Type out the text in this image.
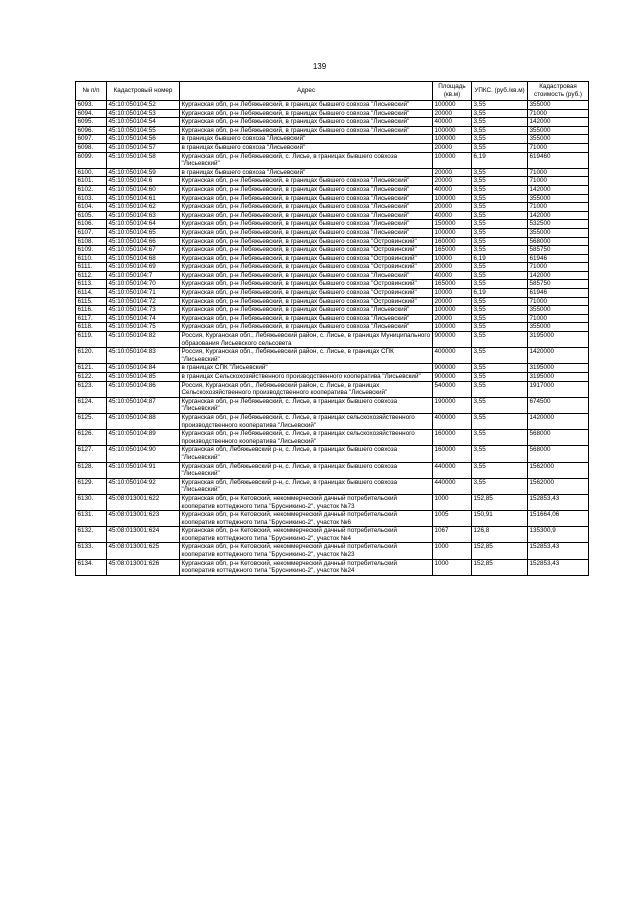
139
№ п/п	Кадастровый номер	Адрес	Площадь (кв.м)	УПКС. (руб./кв.м)	Кадастровая стоимость (руб.)
6093.	45:10:050104:52	Курганская обл, р-н Лебяжьевский, в границах бывшего совхоза "Лисьевский"	100000	3,55	355000
6094.	45:10:050104:53	Курганская обл, р-н Лебяжьевский, в границах бывшего совхоза "Лисьевский"	20000	3,55	71000
6095.	45:10:050104:54	Курганская обл, р-н Лебяжьевский, в границах бывшего совхоза "Лисьевский"	40000	3,55	142000
6096.	45:10:050104:55	Курганская обл, р-н Лебяжьевский, в границах бывшего совхоза "Лисьевский"	100000	3,55	355000
6097.	45:10:050104:56	в границах бывшего совхоза "Лисьевский"	100000	3,55	355000
6098.	45:10:050104:57	в границах бывшего совхоза "Лисьевский"	20000	3,55	71000
6099.	45:10:050104:58	Курганская обл, р-н Лебяжьевский, с. Лисье, в границах бывшего совхоза "Лисьевский"	100000	6,19	619460
6100.	45:10:050104:59	в границах бывшего совхоза "Лисьевский"	20000	3,55	71000
6101.	45:10:050104:6	Курганская обл, р-н Лебяжьевский, в границах бывшего совхоза "Лисьевский"	20000	3,55	71000
6102.	45:10:050104:60	Курганская обл, р-н Лебяжьевский, в границах бывшего совхоза "Лисьевский"	40000	3,55	142000
6103.	45:10:050104:61	Курганская обл, р-н Лебяжьевский, в границах бывшего совхоза "Лисьевский"	100000	3,55	355000
6104.	45:10:050104:62	Курганская обл, р-н Лебяжьевский, в границах бывшего совхоза "Лисьевский"	20000	3,55	71000
6105.	45:10:050104:63	Курганская обл, р-н Лебяжьевский, в границах бывшего совхоза "Лисьевский"	40000	3,55	142000
6106.	45:10:050104:64	Курганская обл, р-н Лебяжьевский, в границах бывшего совхоза "Лисьевский"	150000	3,55	532500
6107.	45:10:050104:65	Курганская обл, р-н Лебяжьевский, в границах бывшего совхоза "Лисьевский"	100000	3,55	355000
6108.	45:10:050104:66	Курганская обл, р-н Лебяжьевский, в границах бывшего совхоза "Островинский"	160000	3,55	568000
6109.	45:10:050104:67	Курганская обл, р-н Лебяжьевский, в границах бывшего совхоза "Островинский"	165000	3,55	585750
6110.	45:10:050104:68	Курганская обл, р-н Лебяжьевский, в границах бывшего совхоза "Островинский"	10000	6,19	61946
6111.	45:10:050104:69	Курганская обл, р-н Лебяжьевский, в границах бывшего совхоза "Островинский"	20000	3,55	71000
6112.	45:10:050104:7	Курганская обл, р-н Лебяжьевский, в границах бывшего совхоза "Лисьевский"	40000	3,55	142000
6113.	45:10:050104:70	Курганская обл, р-н Лебяжьевский, в границах бывшего совхоза "Островинский"	165000	3,55	585750
6114.	45:10:050104:71	Курганская обл, р-н Лебяжьевский, в границах бывшего совхоза "Островинский"	10000	6,19	61946
6115.	45:10:050104:72	Курганская обл, р-н Лебяжьевский, в границах бывшего совхоза "Островинский"	20000	3,55	71000
6116.	45:10:050104:73	Курганская обл, р-н Лебяжьевский, в границах бывшего совхоза "Лисьевский"	100000	3,55	355000
6117.	45:10:050104:74	Курганская обл, р-н Лебяжьевский, в границах бывшего совхоза "Лисьевский"	20000	3,55	71000
6118.	45:10:050104:75	Курганская обл, р-н Лебяжьевский, в границах бывшего совхоза "Лисьевский"	100000	3,55	355000
6119.	45:10:050104:82	Россия, Курганская обл., Лебяжьевский район, с. Лисье, в границах Муниципального образования Лисьевского сельсовета	900000	3,55	3195000
6120.	45:10:050104:83	Россия, Курганская обл., Лебяжьевский район, с. Лисье, в границах СПК "Лисьевский"	400000	3,55	1420000
6121.	45:10:050104:84	в границах СПК "Лисьевский"	900000	3,55	3195000
6122.	45:10:050104:85	в границах Сельскохозяйственного производственного кооператива "Лисьевский"	900000	3,55	3195000
6123.	45:10:050104:86	Россия, Курганская обл., Лебяжьевский район, с. Лисье, в границах Сельскохозяйственного производственного кооператива "Лисьевский"	540000	3,55	1917000
6124.	45:10:050104:87	Курганская обл, р-н Лебяжьевский, с. Лисье, в границах бывшего совхоза "Лисьевский"	190000	3,55	674500
6125.	45:10:050104:88	Курганская обл, р-н Лебяжьевский, с. Лисье, в границах сельскохозяйственного производственного кооператива "Лисьевский"	400000	3,55	1420000
6126.	45:10:050104:89	Курганская обл, р-н Лебяжьевский, с. Лисье, в границах сельскохозяйственного производственного кооператива "Лисьевский"	160000	3,55	568000
6127.	45:10:050104:90	Курганская обл, Лебяжьевский р-н, с. Лисье, в границах бывшего совхоза "Лисьевский"	160000	3,55	568000
6128.	45:10:050104:91	Курганская обл, Лебяжьевский р-н, с. Лисье, в границах бывшего совхоза "Лисьевский"	440000	3,55	1562000
6129.	45:10:050104:92	Курганская обл, Лебяжьевский р-н, с. Лисье, в границах бывшего совхоза "Лисьевский"	440000	3,55	1562000
6130.	45:08:013001:622	Курганская обл, р-н Кетовский, некоммерческий дачный потребительский кооператив коттеджного типа "Брусникино-2", участок №73	1000	152,85	152853,43
6131.	45:08:013001:623	Курганская обл, р-н Кетовский, некоммерческий дачный потребительский кооператив коттеджного типа "Брусникино-2", участок №6	1005	150,91	151664,06
6132.	45:08:013001:624	Курганская обл, р-н Кетовский, некоммерческий дачный потребительский кооператив коттеджного типа "Брусникино-2", участок №4	1067	126,8	135300,9
6133.	45:08:013001:625	Курганская обл, р-н Кетовский, некоммерческий дачный потребительский кооператив коттеджного типа "Брусникино-2", участок №23	1000	152,85	152853,43
6134.	45:08:013001:626	Курганская обл, р-н Кетовский, некоммерческий дачный потребительский кооператив коттеджного типа "Брусникино-2", участок №24	1000	152,85	152853,43
